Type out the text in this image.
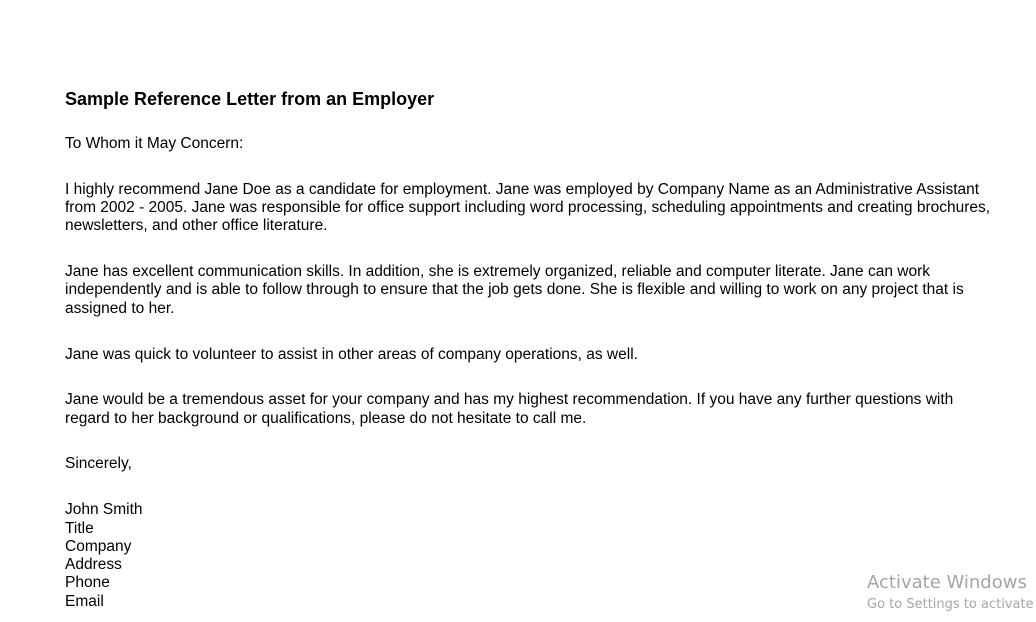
Sample Reference Letter from an Employer
To Whom it May Concern:
I highly recommend Jane Doe as a candidate for employment. Jane was employed by Company Name as an Administrative Assistant from 2002 - 2005. Jane was responsible for office support including word processing, scheduling appointments and creating brochures, newsletters, and other office literature.
Jane has excellent communication skills. In addition, she is extremely organized, reliable and computer literate. Jane can work independently and is able to follow through to ensure that the job gets done. She is flexible and willing to work on any project that is assigned to her.
Jane was quick to volunteer to assist in other areas of company operations, as well.
Jane would be a tremendous asset for your company and has my highest recommendation. If you have any further questions with regard to her background or qualifications, please do not hesitate to call me.
Sincerely,
John Smith
Title
Company
Address
Phone
Email
Activate Windows
Go to Settings to activate
